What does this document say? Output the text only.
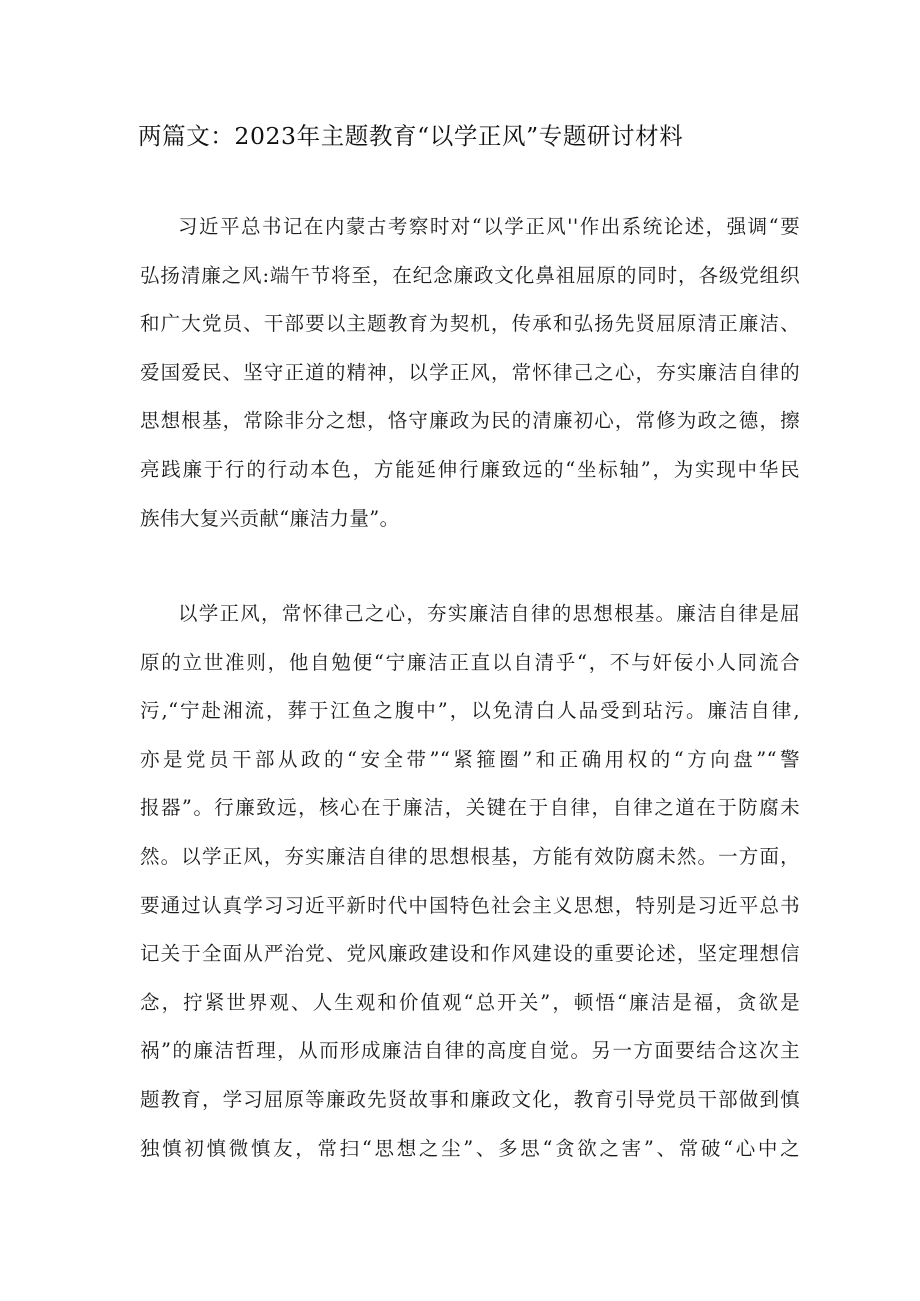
两篇文：2023年主题教育“以学正风”专题研讨材料
习近平总书记在内蒙古考察时对“以学正风''作出系统论述，强调“要
弘扬清廉之风:端午节将至，在纪念廉政文化鼻祖屈原的同时，各级党组织
和广大党员、干部要以主题教育为契机，传承和弘扬先贤屈原清正廉洁、
爱国爱民、坚守正道的精神，以学正风，常怀律己之心，夯实廉洁自律的
思想根基，常除非分之想，恪守廉政为民的清廉初心，常修为政之德，擦
亮践廉于行的行动本色，方能延伸行廉致远的“坐标轴”，为实现中华民
族伟大复兴贡献“廉洁力量”。
以学正风，常怀律己之心，夯实廉洁自律的思想根基。廉洁自律是屈
原的立世准则，他自勉便“宁廉洁正直以自清乎“，不与奸佞小人同流合
污,“宁赴湘流，葬于江鱼之腹中”，以免清白人品受到玷污。廉洁自律,
亦是党员干部从政的“安全带”“紧箍圈”和正确用权的“方向盘”“警
报器”。行廉致远，核心在于廉洁，关键在于自律，自律之道在于防腐未
然。以学正风，夯实廉洁自律的思想根基，方能有效防腐未然。一方面，
要通过认真学习习近平新时代中国特色社会主义思想，特别是习近平总书
记关于全面从严治党、党风廉政建设和作风建设的重要论述，坚定理想信
念，拧紧世界观、人生观和价值观“总开关”，顿悟“廉洁是福，贪欲是
祸”的廉洁哲理，从而形成廉洁自律的高度自觉。另一方面要结合这次主
题教育，学习屈原等廉政先贤故事和廉政文化，教育引导党员干部做到慎
独慎初慎微慎友，常扫“思想之尘”、多思“贪欲之害”、常破“心中之
